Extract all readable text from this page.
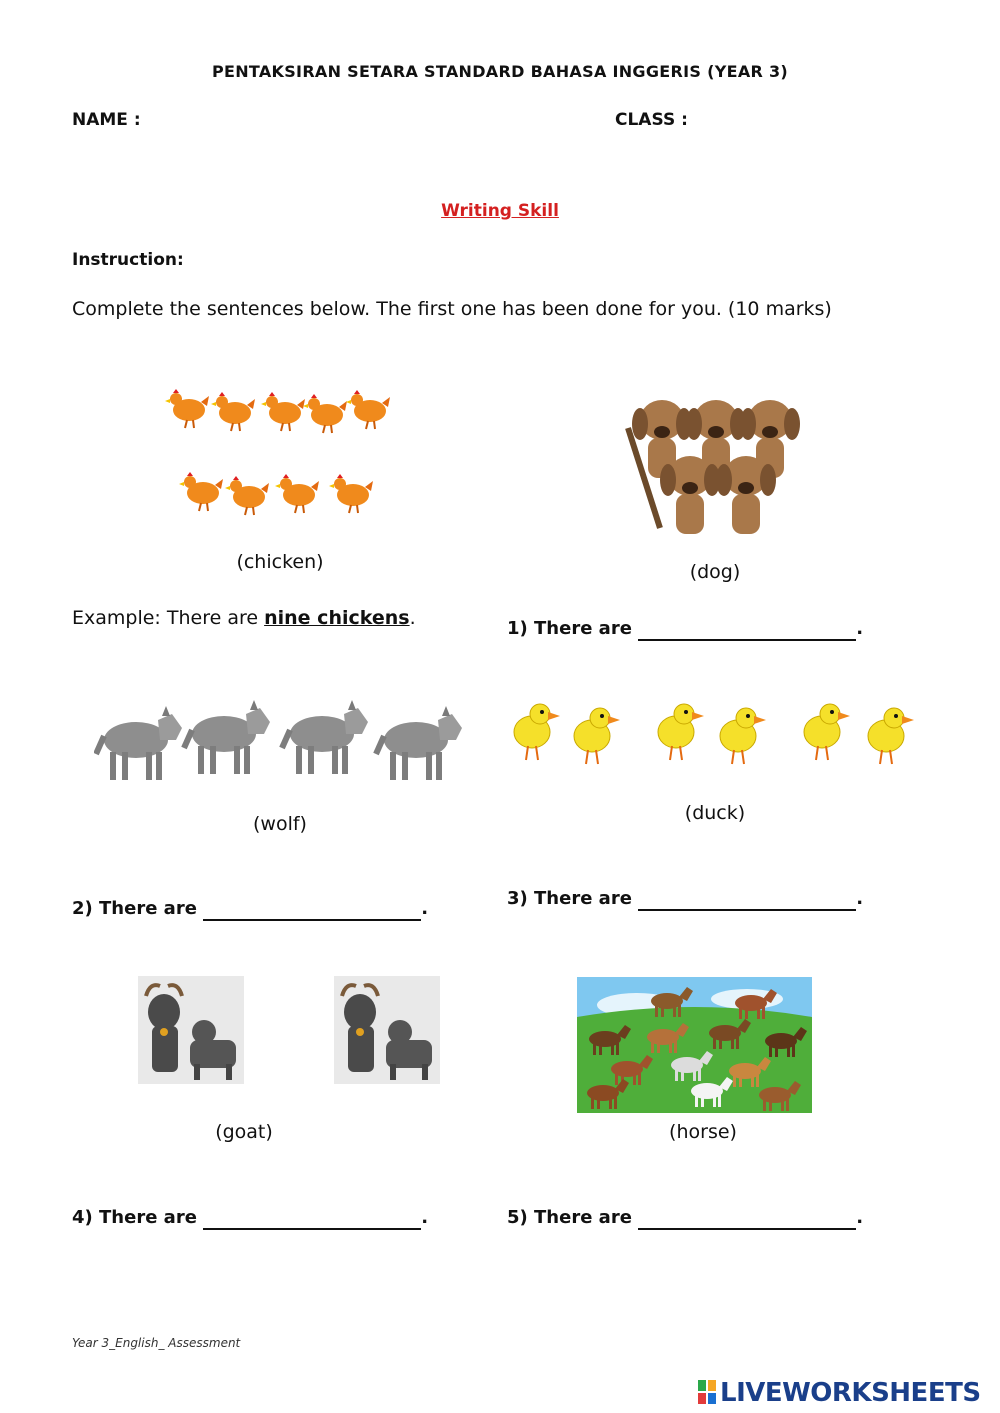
PENTAKSIRAN SETARA STANDARD BAHASA INGGERIS (YEAR 3)
NAME :	CLASS :
Writing Skill
Instruction:
Complete the sentences below. The first one has been done for you. (10 marks)
(chicken)	(dog)
Example: There are nine chickens.	1) There are	.
(wolf)	(duck)
2) There are	.	3) There are	.
(goat)	(horse)
4) There are	.	5) There are	.
Year 3_English_ Assessment
LIVEWORKSHEETS
